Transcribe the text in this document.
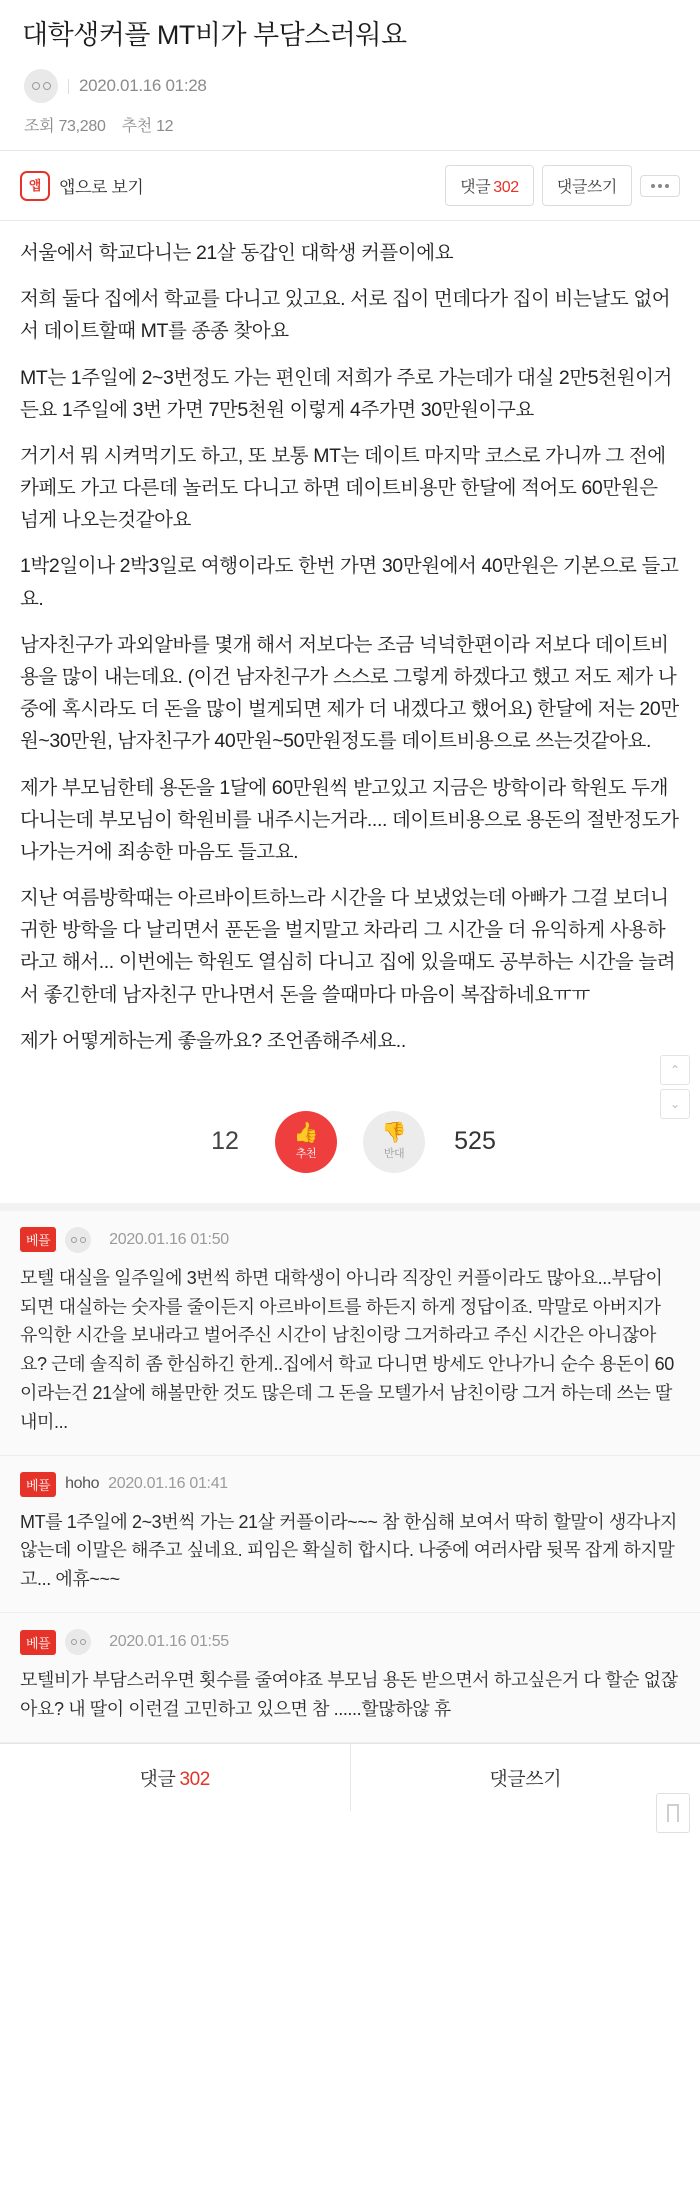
대학생커플 MT비가 부담스러워요
2020.01.16 01:28
조회 73,280 추천 12
앱 앱으로 보기	댓글 302	댓글쓰기

서울에서 학교다니는 21살 동갑인 대학생 커플이에요

저희 둘다 집에서 학교를 다니고 있고요. 서로 집이 먼데다가 집이 비는날도 없어서 데이트할때 MT를 종종 찾아요

MT는 1주일에 2~3번정도 가는 편인데 저희가 주로 가는데가 대실 2만5천원이거든요 1주일에 3번 가면 7만5천원 이렇게 4주가면 30만원이구요

거기서 뭐 시켜먹기도 하고, 또 보통 MT는 데이트 마지막 코스로 가니까 그 전에 카페도 가고 다른데 놀러도 다니고 하면 데이트비용만 한달에 적어도 60만원은 넘게 나오는것같아요

1박2일이나 2박3일로 여행이라도 한번 가면 30만원에서 40만원은 기본으로 들고요.

남자친구가 과외알바를 몇개 해서 저보다는 조금 넉넉한편이라 저보다 데이트비용을 많이 내는데요. (이건 남자친구가 스스로 그렇게 하겠다고 했고 저도 제가 나중에 혹시라도 더 돈을 많이 벌게되면 제가 더 내겠다고 했어요) 한달에 저는 20만원~30만원, 남자친구가 40만원~50만원정도를 데이트비용으로 쓰는것같아요.

제가 부모님한테 용돈을 1달에 60만원씩 받고있고 지금은 방학이라 학원도 두개 다니는데 부모님이 학원비를 내주시는거라.... 데이트비용으로 용돈의 절반정도가 나가는거에 죄송한 마음도 들고요.

지난 여름방학때는 아르바이트하느라 시간을 다 보냈었는데 아빠가 그걸 보더니 귀한 방학을 다 날리면서 푼돈을 벌지말고 차라리 그 시간을 더 유익하게 사용하라고 해서... 이번에는 학원도 열심히 다니고 집에 있을때도 공부하는 시간을 늘려서 좋긴한데 남자친구 만나면서 돈을 쓸때마다 마음이 복잡하네요ㅠㅠ

제가 어떻게하는게 좋을까요? 조언좀해주세요..

12	👍
추천
👎
반대 525
⌃
⌄
베플	2020.01.16 01:50
모텔 대실을 일주일에 3번씩 하면 대학생이 아니라 직장인 커플이라도 많아요...부담이 되면 대실하는 숫자를 줄이든지 아르바이트를 하든지 하게 정답이죠. 막말로 아버지가 유익한 시간을 보내라고 벌어주신 시간이 남친이랑 그거하라고 주신 시간은 아니잖아요? 근데 솔직히 좀 한심하긴 한게..집에서 학교 다니면 방세도 안나가니 순수 용돈이 60이라는건 21살에 해볼만한 것도 많은데 그 돈을 모텔가서 남친이랑 그거 하는데 쓰는 딸내미...
베플 hoho 2020.01.16 01:41
MT를 1주일에 2~3번씩 가는 21살 커플이라~~~ 참 한심해 보여서 딱히 할말이 생각나지 않는데 이말은 해주고 싶네요. 피임은 확실히 합시다. 나중에 여러사람 뒷목 잡게 하지말고... 에휴~~~
베플	2020.01.16 01:55
모텔비가 부담스러우면 횟수를 줄여야죠 부모님 용돈 받으면서 하고싶은거 다 할순 없잖아요? 내 딸이 이런걸 고민하고 있으면 참 ......할많하않 휴
댓글 302	댓글쓰기
